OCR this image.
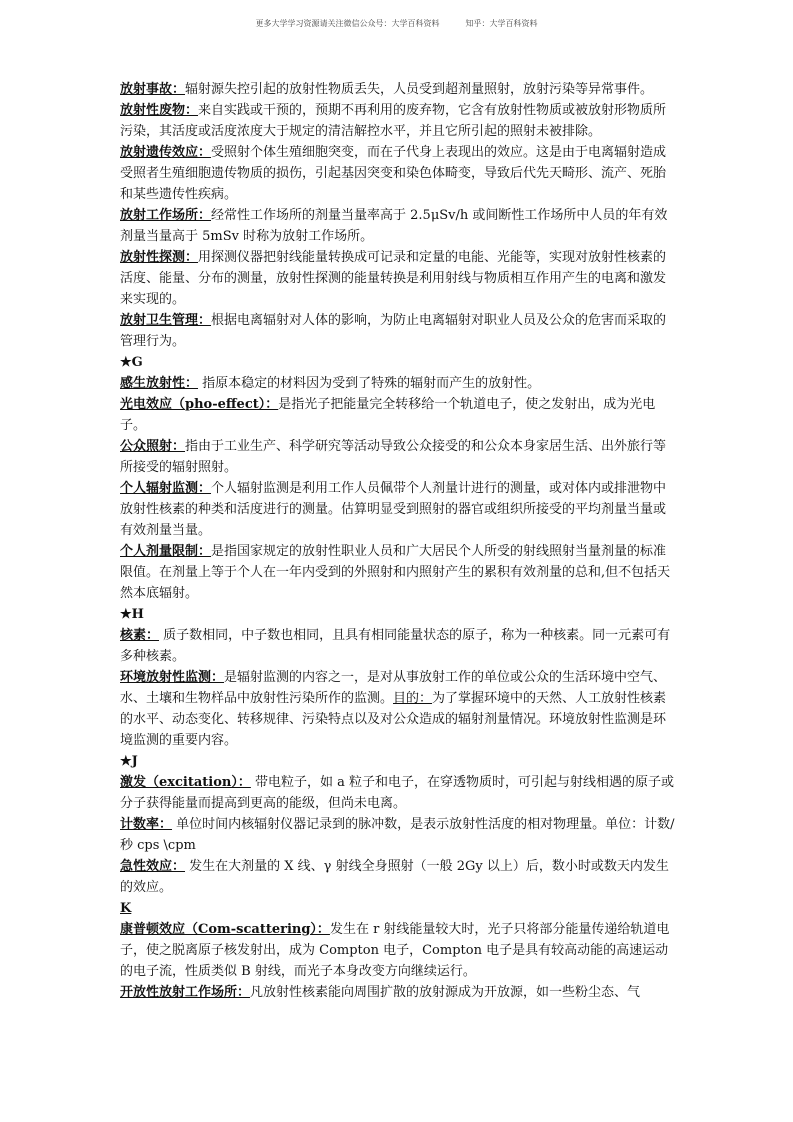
更多大学学习资源请关注微信公众号：大学百科资料	知乎：大学百科资料

放射事故：辐射源失控引起的放射性物质丢失，人员受到超剂量照射，放射污染等异常事件。

放射性废物：来自实践或干预的，预期不再利用的废弃物，它含有放射性物质或被放射形物质所污染，其活度或活度浓度大于规定的清洁解控水平，并且它所引起的照射未被排除。

放射遗传效应：受照射个体生殖细胞突变，而在子代身上表现出的效应。这是由于电离辐射造成受照者生殖细胞遗传物质的损伤，引起基因突变和染色体畸变，导致后代先天畸形、流产、死胎和某些遗传性疾病。

放射工作场所：经常性工作场所的剂量当量率高于 2.5μSv/h 或间断性工作场所中人员的年有效剂量当量高于 5mSv 时称为放射工作场所。

放射性探测：用探测仪器把射线能量转换成可记录和定量的电能、光能等，实现对放射性核素的活度、能量、分布的测量，放射性探测的能量转换是利用射线与物质相互作用产生的电离和激发来实现的。

放射卫生管理：根据电离辐射对人体的影响，为防止电离辐射对职业人员及公众的危害而采取的管理行为。

★G

感生放射性： 指原本稳定的材料因为受到了特殊的辐射而产生的放射性。

光电效应（pho-effect）：是指光子把能量完全转移给一个轨道电子，使之发射出，成为光电子。

公众照射：指由于工业生产、科学研究等活动导致公众接受的和公众本身家居生活、出外旅行等所接受的辐射照射。

个人辐射监测：个人辐射监测是利用工作人员佩带个人剂量计进行的测量，或对体内或排泄物中放射性核素的种类和活度进行的测量。估算明显受到照射的器官或组织所接受的平均剂量当量或有效剂量当量。

个人剂量限制：是指国家规定的放射性职业人员和广大居民个人所受的射线照射当量剂量的标准限值。在剂量上等于个人在一年内受到的外照射和内照射产生的累积有效剂量的总和,但不包括天然本底辐射。

★H

核素： 质子数相同，中子数也相同，且具有相同能量状态的原子，称为一种核素。同一元素可有多种核素。

环境放射性监测：是辐射监测的内容之一，是对从事放射工作的单位或公众的生活环境中空气、水、土壤和生物样品中放射性污染所作的监测。目的：为了掌握环境中的天然、人工放射性核素的水平、动态变化、转移规律、污染特点以及对公众造成的辐射剂量情况。环境放射性监测是环境监测的重要内容。

★J

激发（excitation）： 带电粒子，如 a 粒子和电子，在穿透物质时，可引起与射线相遇的原子或分子获得能量而提高到更高的能级，但尚未电离。

计数率： 单位时间内核辐射仪器记录到的脉冲数，是表示放射性活度的相对物理量。单位：计数/秒 cps \cpm

急性效应： 发生在大剂量的 X 线、γ 射线全身照射（一般 2Gy 以上）后，数小时或数天内发生的效应。

K

康普顿效应（Com-scattering）：发生在 r 射线能量较大时，光子只将部分能量传递给轨道电子，使之脱离原子核发射出，成为 Compton 电子，Compton 电子是具有较高动能的高速运动的电子流，性质类似 B 射线，而光子本身改变方向继续运行。

开放性放射工作场所：凡放射性核素能向周围扩散的放射源成为开放源，如一些粉尘态、气
